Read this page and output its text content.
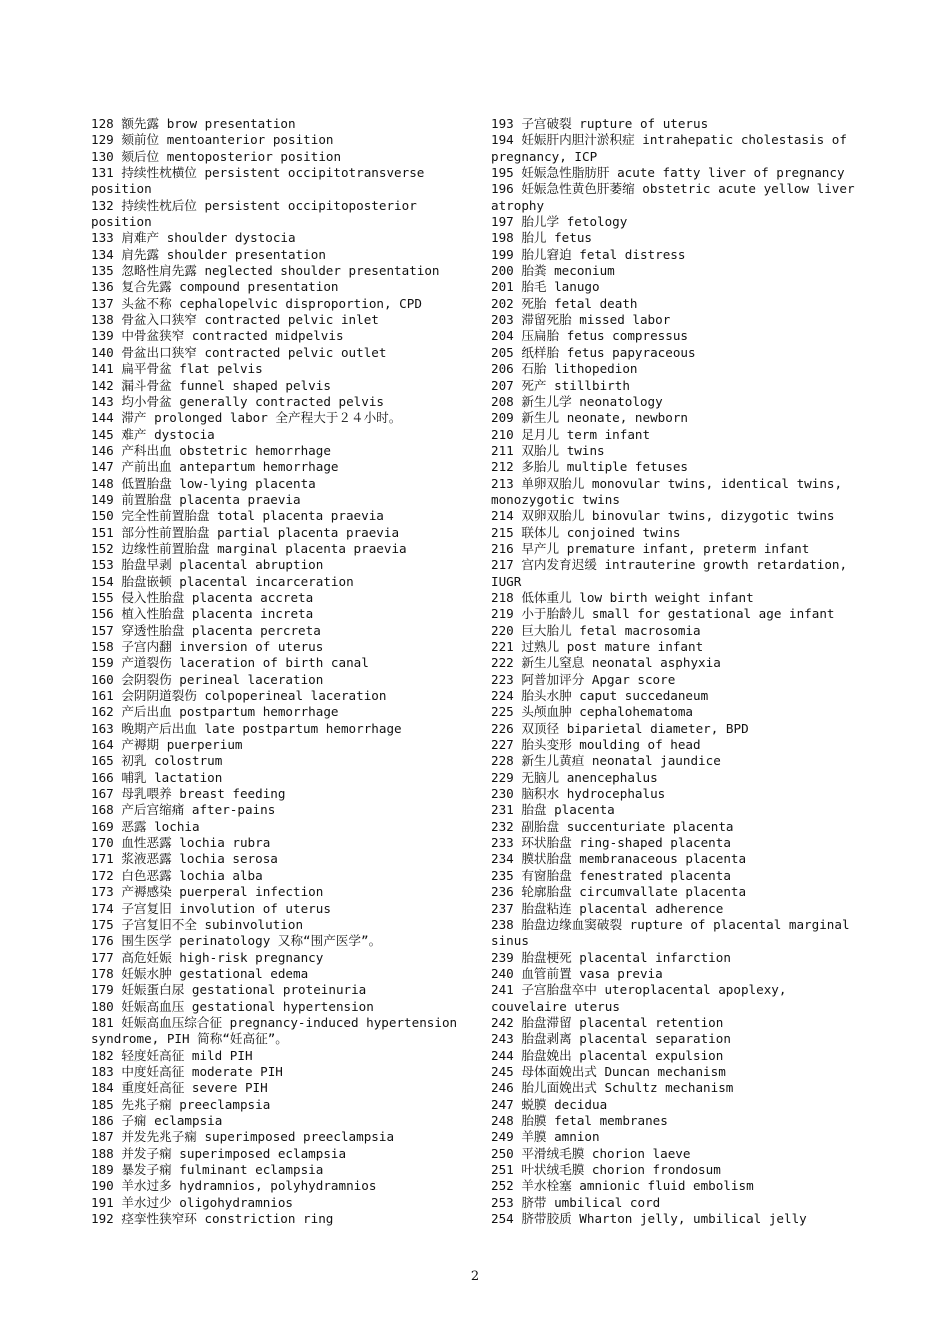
128 额先露 brow presentation
129 颏前位 mentoanterior position
130 颏后位 mentoposterior position
131 持续性枕横位 persistent occipitotransverse position
132 持续性枕后位 persistent occipitoposterior position
133 肩难产 shoulder dystocia
134 肩先露 shoulder presentation
135 忽略性肩先露 neglected shoulder presentation
136 复合先露 compound presentation
137 头盆不称 cephalopelvic disproportion, CPD
138 骨盆入口狭窄 contracted pelvic inlet
139 中骨盆狭窄 contracted midpelvis
140 骨盆出口狭窄 contracted pelvic outlet
141 扁平骨盆 flat pelvis
142 漏斗骨盆 funnel shaped pelvis
143 均小骨盆 generally contracted pelvis
144 滞产 prolonged labor 全产程大于２４小时。
145 难产 dystocia
146 产科出血 obstetric hemorrhage
147 产前出血 antepartum hemorrhage
148 低置胎盘 low-lying placenta
149 前置胎盘 placenta praevia
150 完全性前置胎盘 total placenta praevia
151 部分性前置胎盘 partial placenta praevia
152 边缘性前置胎盘 marginal placenta praevia
153 胎盘早剥 placental abruption
154 胎盘嵌顿 placental incarceration
155 侵入性胎盘 placenta accreta
156 植入性胎盘 placenta increta
157 穿透性胎盘 placenta percreta
158 子宫内翻 inversion of uterus
159 产道裂伤 laceration of birth canal
160 会阴裂伤 perineal laceration
161 会阴阴道裂伤 colpoperineal laceration
162 产后出血 postpartum hemorrhage
163 晚期产后出血 late postpartum hemorrhage
164 产褥期 puerperium
165 初乳 colostrum
166 哺乳 lactation
167 母乳喂养 breast feeding
168 产后宫缩痛 after-pains
169 恶露 lochia
170 血性恶露 lochia rubra
171 浆液恶露 lochia serosa
172 白色恶露 lochia alba
173 产褥感染 puerperal infection
174 子宫复旧 involution of uterus
175 子宫复旧不全 subinvolution
176 围生医学 perinatology 又称“围产医学”。
177 高危妊娠 high-risk pregnancy
178 妊娠水肿 gestational edema
179 妊娠蛋白尿 gestational proteinuria
180 妊娠高血压 gestational hypertension
181 妊娠高血压综合征 pregnancy-induced hypertension syndrome, PIH 简称“妊高征”。
182 轻度妊高征 mild PIH
183 中度妊高征 moderate PIH
184 重度妊高征 severe PIH
185 先兆子痫 preeclampsia
186 子痫 eclampsia
187 并发先兆子痫 superimposed preeclampsia
188 并发子痫 superimposed eclampsia
189 暴发子痫 fulminant eclampsia
190 羊水过多 hydramnios, polyhydramnios
191 羊水过少 oligohydramnios
192 痉挛性狭窄环 constriction ring
193 子宫破裂 rupture of uterus
194 妊娠肝内胆汁淤积症 intrahepatic cholestasis of pregnancy, ICP
195 妊娠急性脂肪肝 acute fatty liver of pregnancy
196 妊娠急性黄色肝萎缩 obstetric acute yellow liver atrophy
197 胎儿学 fetology
198 胎儿 fetus
199 胎儿窘迫 fetal distress
200 胎粪 meconium
201 胎毛 lanugo
202 死胎 fetal death
203 滞留死胎 missed labor
204 压扁胎 fetus compressus
205 纸样胎 fetus papyraceous
206 石胎 lithopedion
207 死产 stillbirth
208 新生儿学 neonatology
209 新生儿 neonate, newborn
210 足月儿 term infant
211 双胎儿 twins
212 多胎儿 multiple fetuses
213 单卵双胎儿 monovular twins, identical twins, monozygotic twins
214 双卵双胎儿 binovular twins, dizygotic twins
215 联体儿 conjoined twins
216 早产儿 premature infant, preterm infant
217 宫内发育迟缓 intrauterine growth retardation, IUGR
218 低体重儿 low birth weight infant
219 小于胎龄儿 small for gestational age infant
220 巨大胎儿 fetal macrosomia
221 过熟儿 post mature infant
222 新生儿窒息 neonatal asphyxia
223 阿普加评分 Apgar score
224 胎头水肿 caput succedaneum
225 头颅血肿 cephalohematoma
226 双顶径 biparietal diameter, BPD
227 胎头变形 moulding of head
228 新生儿黄疸 neonatal jaundice
229 无脑儿 anencephalus
230 脑积水 hydrocephalus
231 胎盘 placenta
232 副胎盘 succenturiate placenta
233 环状胎盘 ring-shaped placenta
234 膜状胎盘 membranaceous placenta
235 有窗胎盘 fenestrated placenta
236 轮廓胎盘 circumvallate placenta
237 胎盘粘连 placental adherence
238 胎盘边缘血窦破裂 rupture of placental marginal sinus
239 胎盘梗死 placental infarction
240 血管前置 vasa previa
241 子宫胎盘卒中 uteroplacental apoplexy, couvelaire uterus
242 胎盘滞留 placental retention
243 胎盘剥离 placental separation
244 胎盘娩出 placental expulsion
245 母体面娩出式 Duncan mechanism
246 胎儿面娩出式 Schultz mechanism
247 蜕膜 decidua
248 胎膜 fetal membranes
249 羊膜 amnion
250 平滑绒毛膜 chorion laeve
251 叶状绒毛膜 chorion frondosum
252 羊水栓塞 amnionic fluid embolism
253 脐带 umbilical cord
254 脐带胶质 Wharton jelly, umbilical jelly
2
